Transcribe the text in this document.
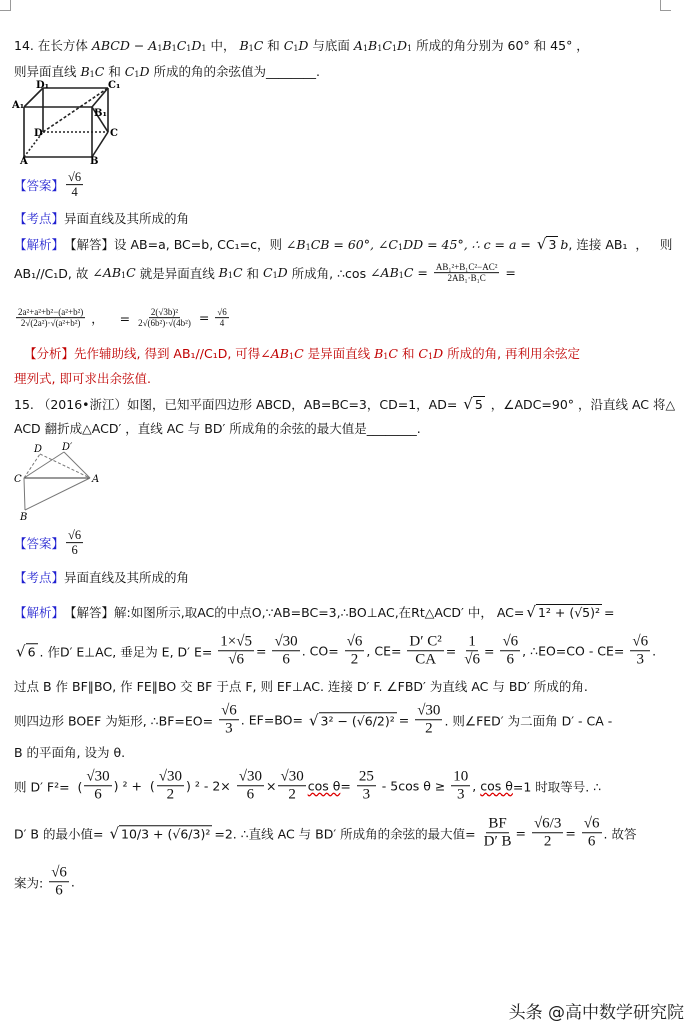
14. 在长方体 ABCD − A 1 B 1 C 1 D 1 中， B 1 C 和 C 1 D 与底面 A 1 B 1 C 1 D 1 所成的角分别为 60° 和 45° ，
则异面直线 B 1 C 和 C 1 D 所成的角的余弦值为________.
D₁	C₁
A₁
B₁
D	C
A	B
【答案】 $\frac{√6}{4}$
【考点】 异面直线及其所成的角
【解析】 【解答】设 AB=a, BC=b, CC₁=c，则 ∠B 1 CB = 60°, ∠C 1 DD = 45°, ∴ c = a = √ 3 b , 连接 AB₁  ，   则
AB₁//C₁D, 故 ∠AB 1 C 就是异面直线 B 1 C 和 C 1 D 所成角, ∴cos ∠AB 1 $C = \frac{\text{AB₁²+B₁C²−AC²}}{\text{2AB₁·B₁C}}$ =
$\frac{\text{2a²+a²+b²−(a²+b²)}}{\text{2√(2a²)·√(a²+b²)}}$ ，    = $\frac{\text{2(√3b)²}}{\text{2√(6b²)·√(4b²)}} = \frac{√6}{4}$
【分析】先作辅助线, 得到 AB₁//C₁D, 可得 ∠AB 1 C 是异面直线 B 1 C 和 C 1 D 所成的角, 再利用余弦定
理列式, 即可求出余弦值.
15. （2016•浙江）如图，已知平面四边形 ABCD，AB=BC=3，CD=1，AD= √ 5 ，∠ADC=90° ，沿直线 AC 将△
ACD 翻折成△ACD′ ，直线 AC 与 BD′ 所成角的余弦的最大值是________.
D D′
C	A
B
【答案】 $\frac{√6}{6}$
【考点】 异面直线及其所成的角
【解析】 【解答】解:如图所示,取AC的中点O,∵AB=BC=3,∴BO⊥AC,在Rt△ACD′ 中， AC= √ 1² + (√5)² =
√ 6 . 作D′ E⊥AC, 垂足为 E, D′ $E= \frac{1\times√5}{√6} = \frac{√30}{6}$ . $CO= \frac{√6}{2}$ , $CE= \frac{\text{D′ C²}}{CA} = \frac{1}{√6} = \frac{√6}{6}$ , ∴EO=CO - $CE= \frac{√6}{3}$ .
过点 B 作 BF∥BO, 作 FE∥BO 交 BF 于点 F, 则 EF⊥AC. 连接 D′ F. ∠FBD′ 为直线 AC 与 BD′ 所成的角.
则四边形 BOEF 为矩形, ∴BF=EO= $\frac{√6}{3}$ . EF=BO= √ $3^2 - (√6/2)^2 = \frac{√30}{2}$ . 则∠FED′ 为二面角 D′ - CA -
B 的平面角, 设为 θ.
则 D′ F²=  ( $\frac{√30}{6}$ ) ² +  ( $\frac{√30}{2}$ ) $^2 - 2\times \frac{√30}{6} \times \frac{√30}{2}$ $\cos \theta = \frac{25}{3} - 5\cos$ $\theta \ge \frac{10}{3}$ , cos θ =1 时取等号. ∴
D′ B 的最小值= √ 10/3 + (√6/3)² =2. ∴直线 AC 与 BD′ 所成角的余弦的最大值= $\frac{BF}{D' B} = \frac{√6/3}{2} = \frac{√6}{6}$ . 故答
案为: $\frac{√6}{6}$ .
头条 @高中数学研究院
